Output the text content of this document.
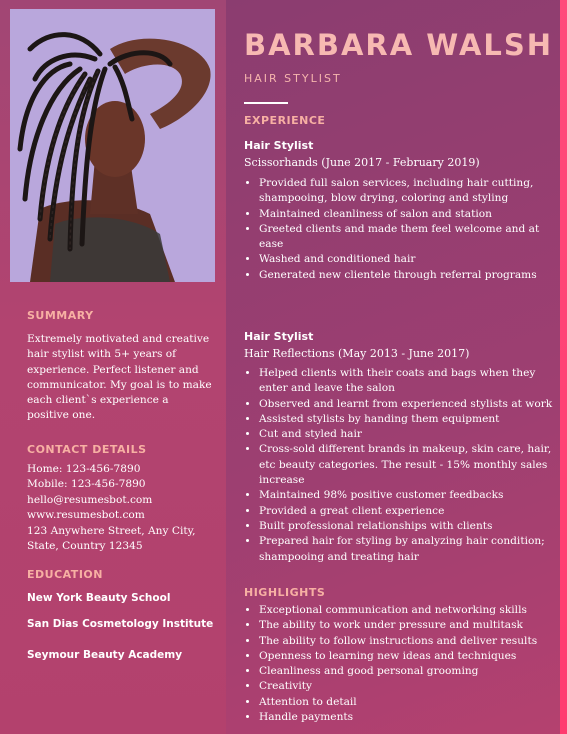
BARBARA WALSH
HAIR STYLIST
SUMMARY
Extremely motivated and creative hair stylist with 5+ years of experience. Perfect listener and communicator. My goal is to make each client`s experience a positive one.
CONTACT DETAILS
Home: 123-456-7890
Mobile: 123-456-7890
hello@resumesbot.com
www.resumesbot.com
123 Anywhere Street, Any City, State, Country 12345
EDUCATION
New York Beauty School
San Dias Cosmetology Institute
Seymour Beauty Academy
EXPERIENCE
Hair Stylist
Scissorhands (June 2017 - February 2019)
• Provided full salon services, including hair cutting, shampooing, blow drying, coloring and styling
• Maintained cleanliness of salon and station
• Greeted clients and made them feel welcome and at ease
• Washed and conditioned hair
• Generated new clientele through referral programs
Hair Stylist
Hair Reflections (May 2013 - June 2017)
• Helped clients with their coats and bags when they enter and leave the salon
• Observed and learnt from experienced stylists at work
• Assisted stylists by handing them equipment
• Cut and styled hair
• Cross-sold different brands in makeup, skin care, hair, etc beauty categories. The result - 15% monthly sales increase
• Maintained 98% positive customer feedbacks
• Provided a great client experience
• Built professional relationships with clients
• Prepared hair for styling by analyzing hair condition; shampooing and treating hair
HIGHLIGHTS
• Exceptional communication and networking skills
• The ability to work under pressure and multitask
• The ability to follow instructions and deliver results
• Openness to learning new ideas and techniques
• Cleanliness and good personal grooming
• Creativity
• Attention to detail
• Handle payments
